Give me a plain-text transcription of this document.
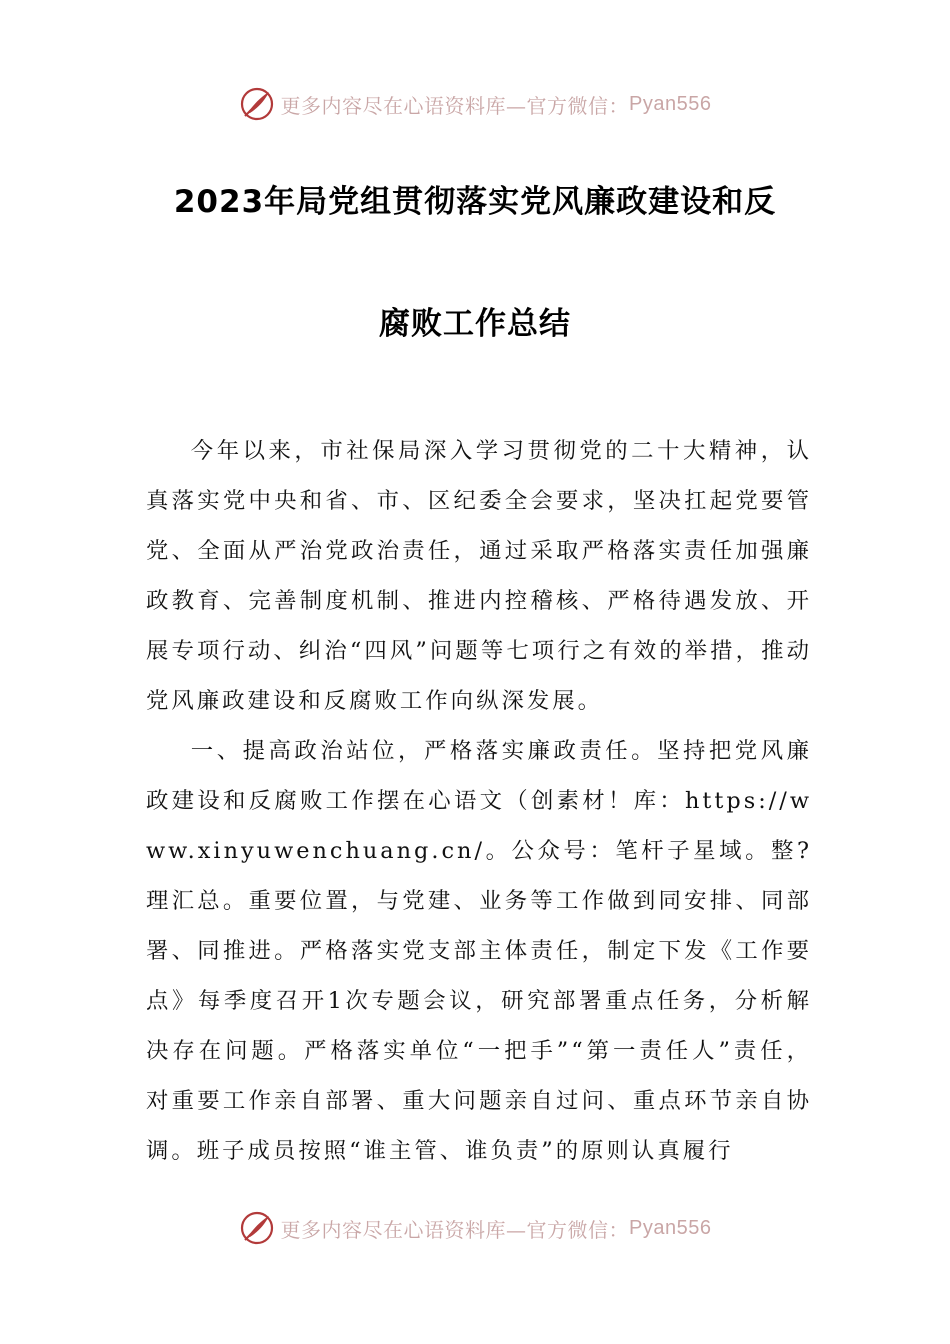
更多内容尽在心语资料库—官方微信： Pyan556
2023年局党组贯彻落实党风廉政建设和反
腐败工作总结

今年以来，市社保局深入学习贯彻党的二十大精神，认真落实党中央和省、市、区纪委全会要求，坚决扛起党要管党、全面从严治党政治责任，通过采取严格落实责任加强廉政教育、完善制度机制、推进内控稽核、严格待遇发放、开展专项行动、纠治“四风”问题等七项行之有效的举措，推动党风廉政建设和反腐败工作向纵深发展。

一、提高政治站位，严格落实廉政责任。坚持把党风廉政建设和反腐败工作摆在心语文（创素材！库：https://www.xinyuwenchuang.cn/。公众号：笔杆子星域。整?理汇总。重要位置，与党建、业务等工作做到同安排、同部署、同推进。严格落实党支部主体责任，制定下发《工作要点》每季度召开1次专题会议，研究部署重点任务，分析解决存在问题。严格落实单位“一把手”“第一责任人”责任，对重要工作亲自部署、重大问题亲自过问、重点环节亲自协调。班子成员按照“谁主管、谁负责”的原则认真履行

更多内容尽在心语资料库—官方微信： Pyan556
